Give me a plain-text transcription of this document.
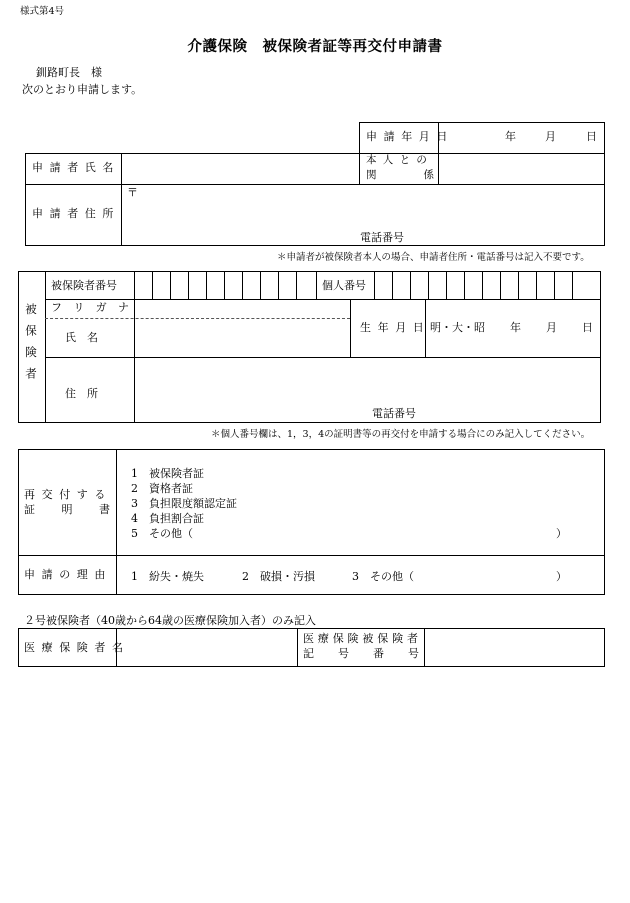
様式第4号
介護保険　被保険者証等再交付申請書
釧路町長　様
次のとおり申請します。
申請年月日	年	月	日
申請者氏名
本人との
関	係
申請者住所
〒
電話番号
＊申請者が被保険者本人の場合、申請者住所・電話番号は記入不要です。
被保険者
被保険者番号	個人番号
フ リ ガ ナ
氏　名
生年月日 明・大・昭 年 月 日
住　所
電話番号
＊個人番号欄は、1，3，4の証明書等の再交付を申請する場合にのみ記入してください。
再交付する
証 明 書
1　被保険者証
2　資格者証
3　負担限度額認定証
4　負担割合証
5　その他（	）
申請の理由 1　紛失・焼失	2　破損・汚損	3　その他（	）
２号被保険者（40歳から64歳の医療保険加入者）のみ記入
医療保険者名
医療保険被保険者
記 号 番 号
